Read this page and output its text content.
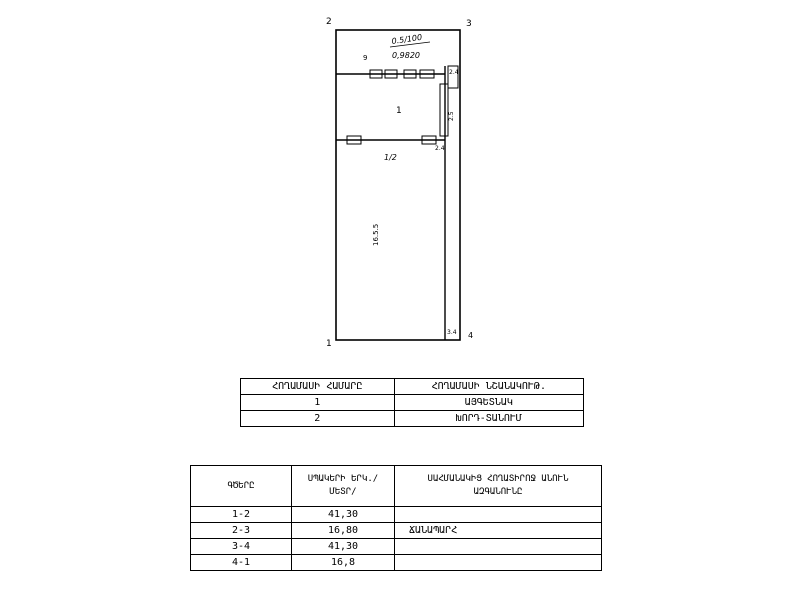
2	3
4
1
0.5/100
0,9820
9
1
1/2
2.4
2.5
2.4
3.4
16.5.5
ՀՈՂԱՄԱՍԻ ՀԱՄԱՐԸ	ՀՈՂԱՄԱՍԻ ՆՇԱՆԱԿՈՒԹ.
1	ԱՅԳԵՏՆԱԿ
2	ԽՈՐԴ-ՏԱՆՈՒՄ
ԳԾԵՐԸ	ՍՊԱԿԵՐԻ ԵՐԿ./ՄԵՏՐ/	ՍԱՀՄԱՆԱԿԻՑ ՀՈՂԱՏԻՐՈՋ ԱՆՈՒՆ ԱԶԳԱՆՈՒՆԸ
1-2	41,30	
2-3	16,80	ՃԱՆԱՊԱՐՀ
3-4	41,30	
4-1	16,8	
